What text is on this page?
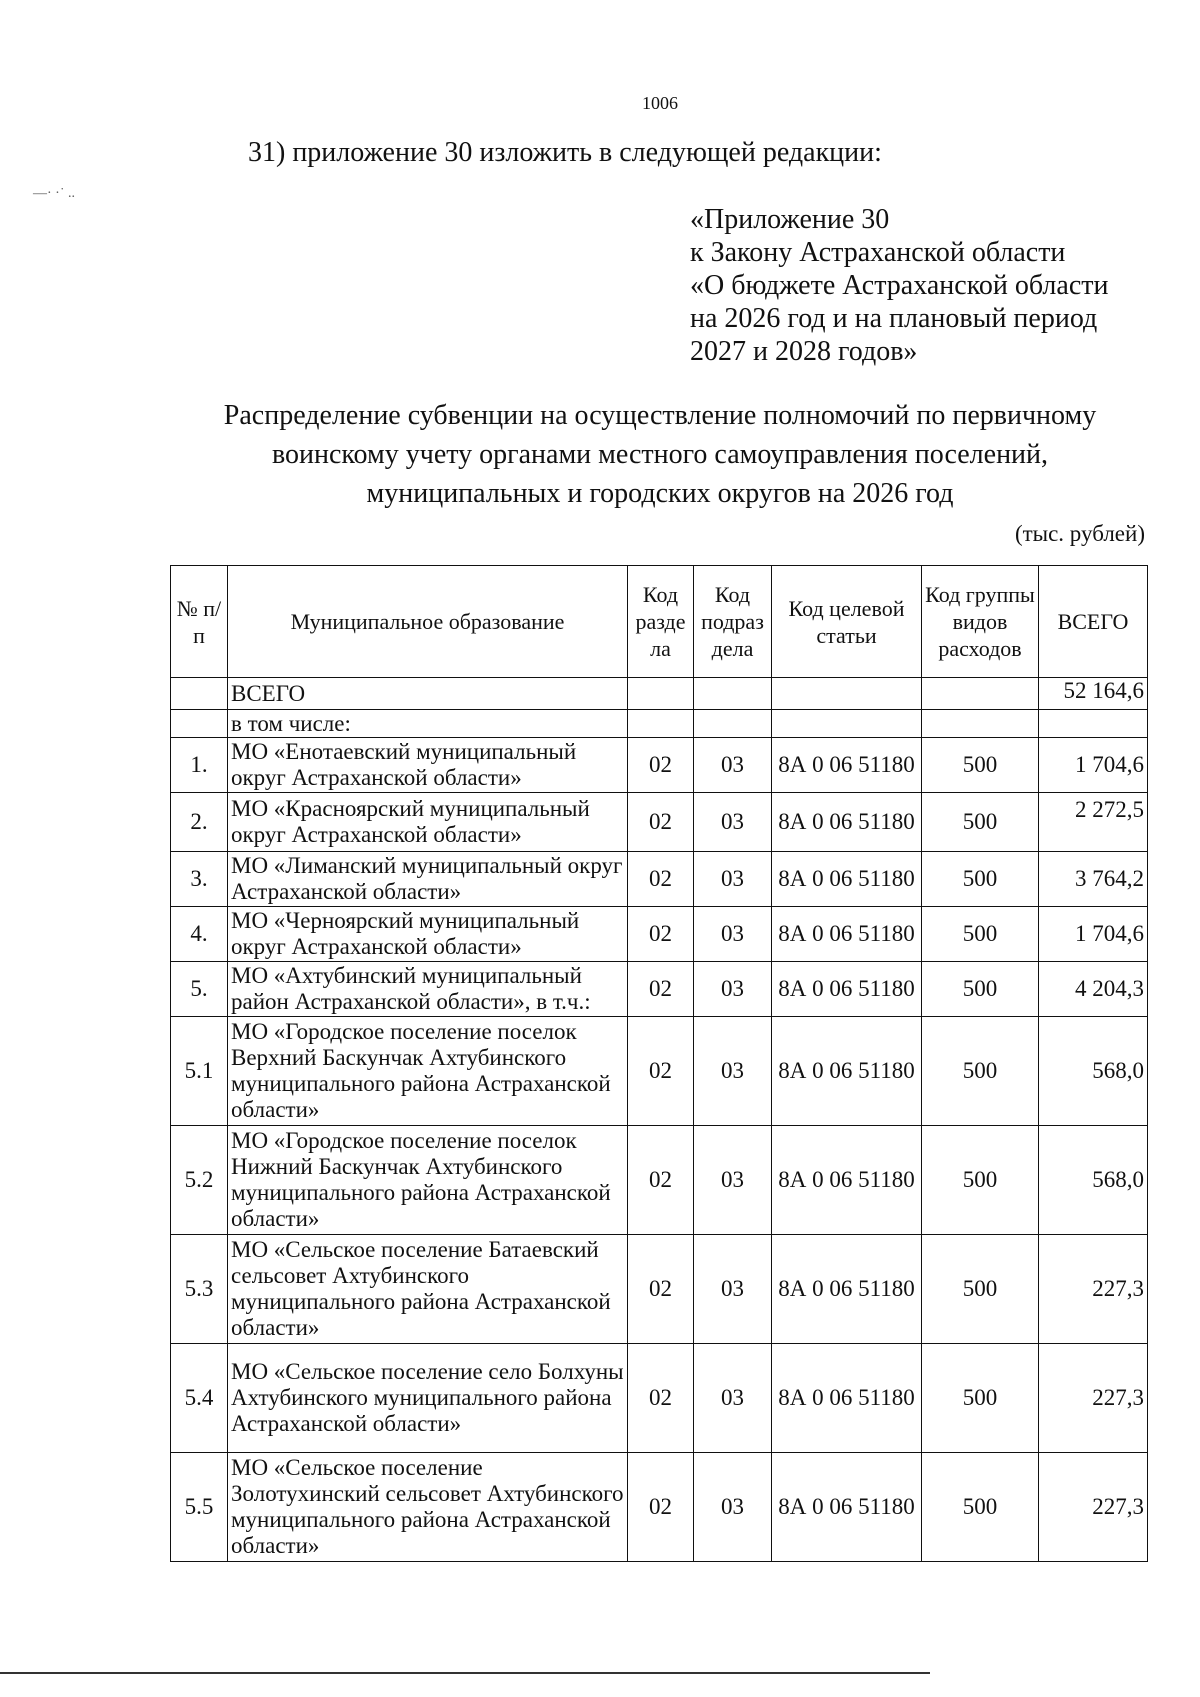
—· ·˙ ..
1006
31) приложение 30 изложить в следующей редакции:
«Приложение 30
к Закону Астраханской области
«О бюджете Астраханской области
на 2026 год и на плановый период
2027 и 2028 годов»
Распределение субвенции на осуществление полномочий по первичному
воинскому учету органами местного самоуправления поселений,
муниципальных и городских округов на 2026 год
(тыс. рублей)
№ п/п	Муниципальное образование	Код разде ла	Код подраз дела	Код целевой статьи	Код группы видов расходов	ВСЕГО
	ВСЕГО					52 164,6
	в том числе:					
1.	МО «Енотаевский муниципальный округ Астраханской области»	02	03	8А 0 06 51180	500	1 704,6
2.	МО «Красноярский муниципальный округ Астраханской области»	02	03	8А 0 06 51180	500	2 272,5
3.	МО «Лиманский муниципальный округ Астраханской области»	02	03	8А 0 06 51180	500	3 764,2
4.	МО «Черноярский муниципальный округ Астраханской области»	02	03	8А 0 06 51180	500	1 704,6
5.	МО «Ахтубинский муниципальный район Астраханской области», в т.ч.:	02	03	8А 0 06 51180	500	4 204,3
5.1	МО «Городское поселение поселок Верхний Баскунчак Ахтубинского муниципального района Астраханской области»	02	03	8А 0 06 51180	500	568,0
5.2	МО «Городское поселение поселок Нижний Баскунчак Ахтубинского муниципального района Астраханской области»	02	03	8А 0 06 51180	500	568,0
5.3	МО «Сельское поселение Батаевский сельсовет Ахтубинского муниципального района Астраханской области»	02	03	8А 0 06 51180	500	227,3
5.4	МО «Сельское поселение село Болхуны Ахтубинского муниципального района Астраханской области»	02	03	8А 0 06 51180	500	227,3
5.5	МО «Сельское поселение Золотухинский сельсовет Ахтубинского муниципального района Астраханской области»	02	03	8А 0 06 51180	500	227,3
